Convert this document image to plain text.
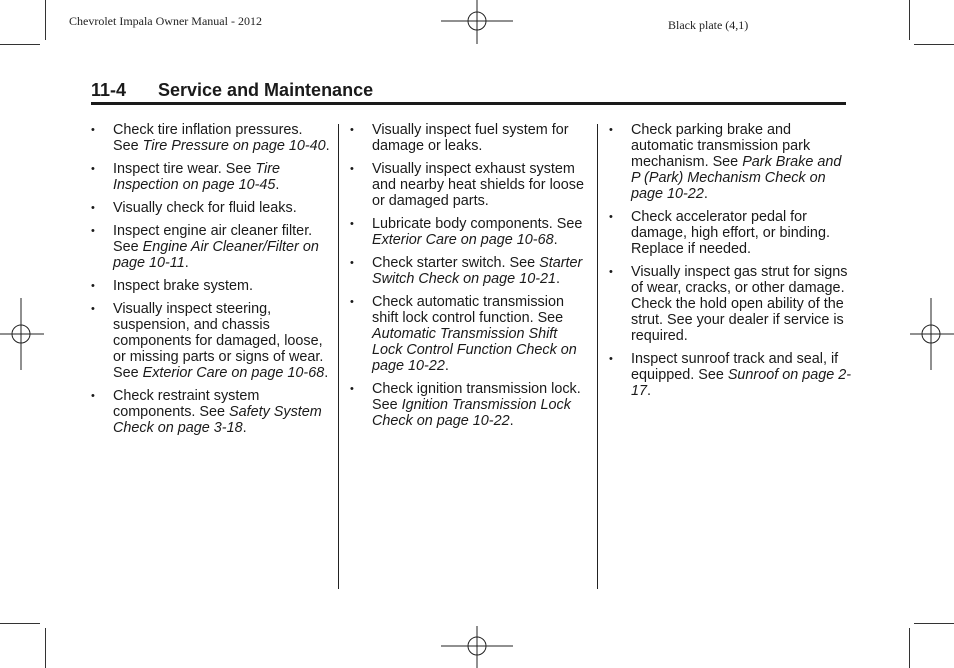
Chevrolet Impala Owner Manual - 2012	Black plate (4,1)
11-4 Service and Maintenance
• Check tire inflation pressures. See Tire Pressure on page 10-40.
• Inspect tire wear. See Tire Inspection on page 10-45.
• Visually check for fluid leaks.
• Inspect engine air cleaner filter. See Engine Air Cleaner/Filter on page 10-11.
• Inspect brake system.
• Visually inspect steering, suspension, and chassis components for damaged, loose, or missing parts or signs of wear. See Exterior Care on page 10-68.
• Check restraint system components. See Safety System Check on page 3-18.
• Visually inspect fuel system for damage or leaks.
• Visually inspect exhaust system and nearby heat shields for loose or damaged parts.
• Lubricate body components. See Exterior Care on page 10-68.
• Check starter switch. See Starter Switch Check on page 10-21.
• Check automatic transmission shift lock control function. See Automatic Transmission Shift Lock Control Function Check on page 10-22.
• Check ignition transmission lock. See Ignition Transmission Lock Check on page 10-22.
• Check parking brake and automatic transmission park mechanism. See Park Brake and P (Park) Mechanism Check on page 10-22.
• Check accelerator pedal for damage, high effort, or binding. Replace if needed.
• Visually inspect gas strut for signs of wear, cracks, or other damage. Check the hold open ability of the strut. See your dealer if service is required.
• Inspect sunroof track and seal, if equipped. See Sunroof on page 2-17.
